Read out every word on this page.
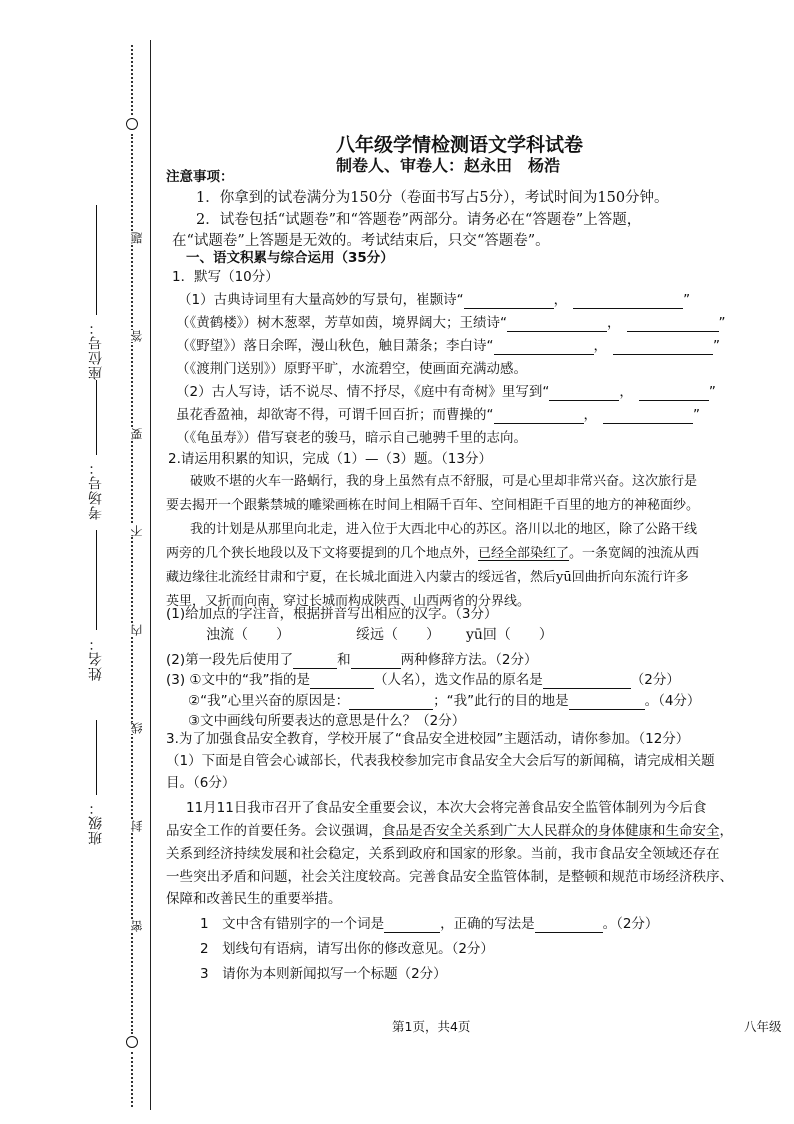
密
封
线
内
不
要
答
题
班级：
姓名：
考场号：
座位号：
八年级学情检测语文学科试卷
制卷人、审卷人：赵永田　杨浩
注意事项：
1．你拿到的试卷满分为150分（卷面书写占5分），考试时间为150分钟。
2．试卷包括“试题卷”和“答题卷”两部分。请务必在“答题卷”上答题，
在“试题卷”上答题是无效的。考试结束后，只交“答题卷”。
一、语文积累与综合运用（35分）
1．默写（10分）
（1）古典诗词里有大量高妙的写景句，崔颢诗“	，	”
（《黄鹤楼》）树木葱翠，芳草如茵，境界阔大；王绩诗“	，	”
（《野望》）落日余晖，漫山秋色，触目萧条；李白诗“	，	”
（《渡荆门送别》）原野平旷，水流碧空，使画面充满动感。
（2）古人写诗，话不说尽、情不抒尽，《庭中有奇树》里写到“	，	”
虽花香盈袖，却欲寄不得，可谓千回百折；而曹操的“	，	”
（《龟虽寿》）借写衰老的骏马，暗示自己驰骋千里的志向。
2.请运用积累的知识，完成（1）—（3）题。（13分）
破败不堪的火车一路蜗行，我的身上虽然有点不舒服，可是心里却非常兴奋。这次旅行是
要去揭开一个跟紫禁城的雕梁画栋在时间上相隔千百年、空间相距千百里的地方的神秘面纱。
我的计划是从那里向北走，进入位于大西北中心的苏区。洛川以北的地区，除了公路干线
两旁的几个狭长地段以及下文将要提到的几个地点外，已经全部染红了。一条宽阔的浊流从西
藏边缘往北流经甘肃和宁夏，在长城北面进入内蒙古的绥远省，然后yū回曲折向东流行许多
英里，又折而向南，穿过长城而构成陕西、山西两省的分界线。
(1)给加点的字注音，根据拼音写出相应的汉字。（3分）
浊流（　　）	绥远（　　） yū回（　　）
(2)第一段先后使用了	和	两种修辞方法。（2分）
(3) ①文中的“我”指的是	（人名），选文作品的原名是	（2分）
②“我”心里兴奋的原因是：	；“我”此行的目的地是	。（4分）
③文中画线句所要表达的意思是什么？（2分）
3.为了加强食品安全教育，学校开展了“食品安全进校园”主题活动，请你参加。（12分）
（1）下面是自管会心诚部长，代表我校参加完市食品安全大会后写的新闻稿，请完成相关题
目。（6分）
11月11日我市召开了食品安全重要会议，本次大会将完善食品安全监管体制列为今后食
品安全工作的首要任务。会议强调，食品是否安全关系到广大人民群众的身体健康和生命安全，
关系到经济持续发展和社会稳定，关系到政府和国家的形象。当前，我市食品安全领域还存在
一些突出矛盾和问题，社会关注度较高。完善食品安全监管体制，是整顿和规范市场经济秩序、
保障和改善民生的重要举措。
1　文中含有错别字的一个词是	，正确的写法是	。（2分）
2　划线句有语病，请写出你的修改意见。（2分）
3　请你为本则新闻拟写一个标题（2分）
第1页，共4页	八年级
